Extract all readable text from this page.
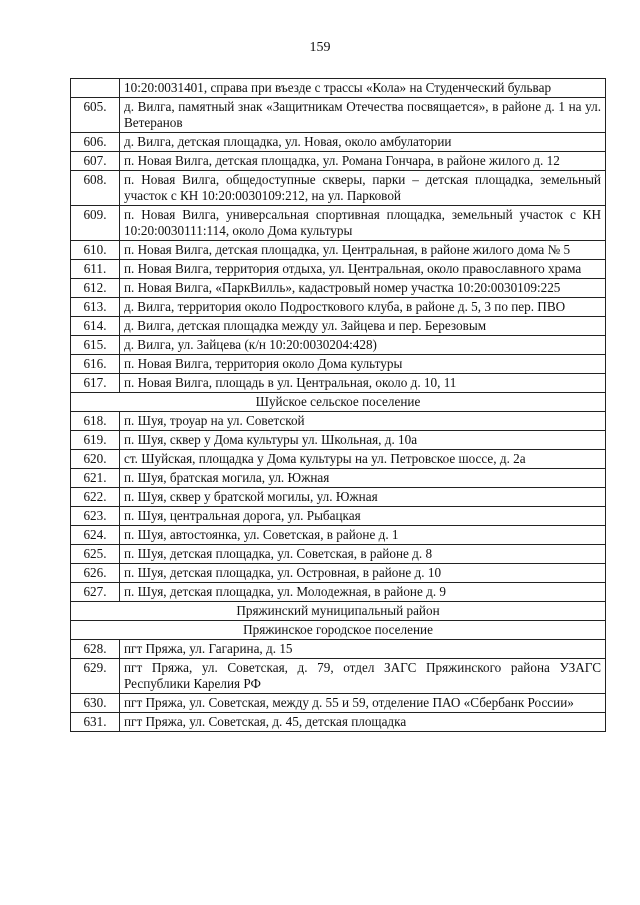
159
	10:20:0031401, справа при въезде с трассы «Кола» на Студенческий бульвар
605.	д. Вилга, памятный знак «Защитникам Отечества посвящается», в районе д. 1 на ул. Ветеранов
606.	д. Вилга, детская площадка, ул. Новая, около амбулатории
607.	п. Новая Вилга, детская площадка, ул. Романа Гончара, в районе жилого д. 12
608.	п. Новая Вилга, общедоступные скверы, парки – детская площадка, земельный участок с КН 10:20:0030109:212, на ул. Парковой
609.	п. Новая Вилга, универсальная спортивная площадка, земельный участок с КН 10:20:0030111:114, около Дома культуры
610.	п. Новая Вилга, детская площадка, ул. Центральная, в районе жилого дома № 5
611.	п. Новая Вилга, территория отдыха, ул. Центральная, около православного храма
612.	п. Новая Вилга, «ПаркВилль», кадастровый номер участка 10:20:0030109:225
613.	д. Вилга, территория около Подросткового клуба, в районе д. 5, 3 по пер. ПВО
614.	д. Вилга, детская площадка между ул. Зайцева и пер. Березовым
615.	д. Вилга, ул. Зайцева (к/н 10:20:0030204:428)
616.	п. Новая Вилга, территория около Дома культуры
617.	п. Новая Вилга, площадь в ул. Центральная, около д. 10, 11
Шуйское сельское поселение	
618.	п. Шуя, троуар на ул. Советской
619.	п. Шуя, сквер у Дома культуры ул. Школьная, д. 10а
620.	ст. Шуйская, площадка у Дома культуры на ул. Петровское шоссе, д. 2а
621.	п. Шуя, братская могила, ул. Южная
622.	п. Шуя, сквер у братской могилы, ул. Южная
623.	п. Шуя, центральная дорога, ул. Рыбацкая
624.	п. Шуя, автостоянка, ул. Советская, в районе д. 1
625.	п. Шуя, детская площадка, ул. Советская, в районе д. 8
626.	п. Шуя, детская площадка, ул. Островная, в районе д. 10
627.	п. Шуя, детская площадка, ул. Молодежная, в районе д. 9
Пряжинский муниципальный район	
Пряжинское городское поселение	
628.	пгт Пряжа, ул. Гагарина, д. 15
629.	пгт Пряжа, ул. Советская, д. 79, отдел ЗАГС Пряжинского района УЗАГС Республики Карелия РФ
630.	пгт Пряжа, ул. Советская, между д. 55 и 59, отделение ПАО «Сбербанк России»
631.	пгт Пряжа, ул. Советская, д. 45, детская площадка
